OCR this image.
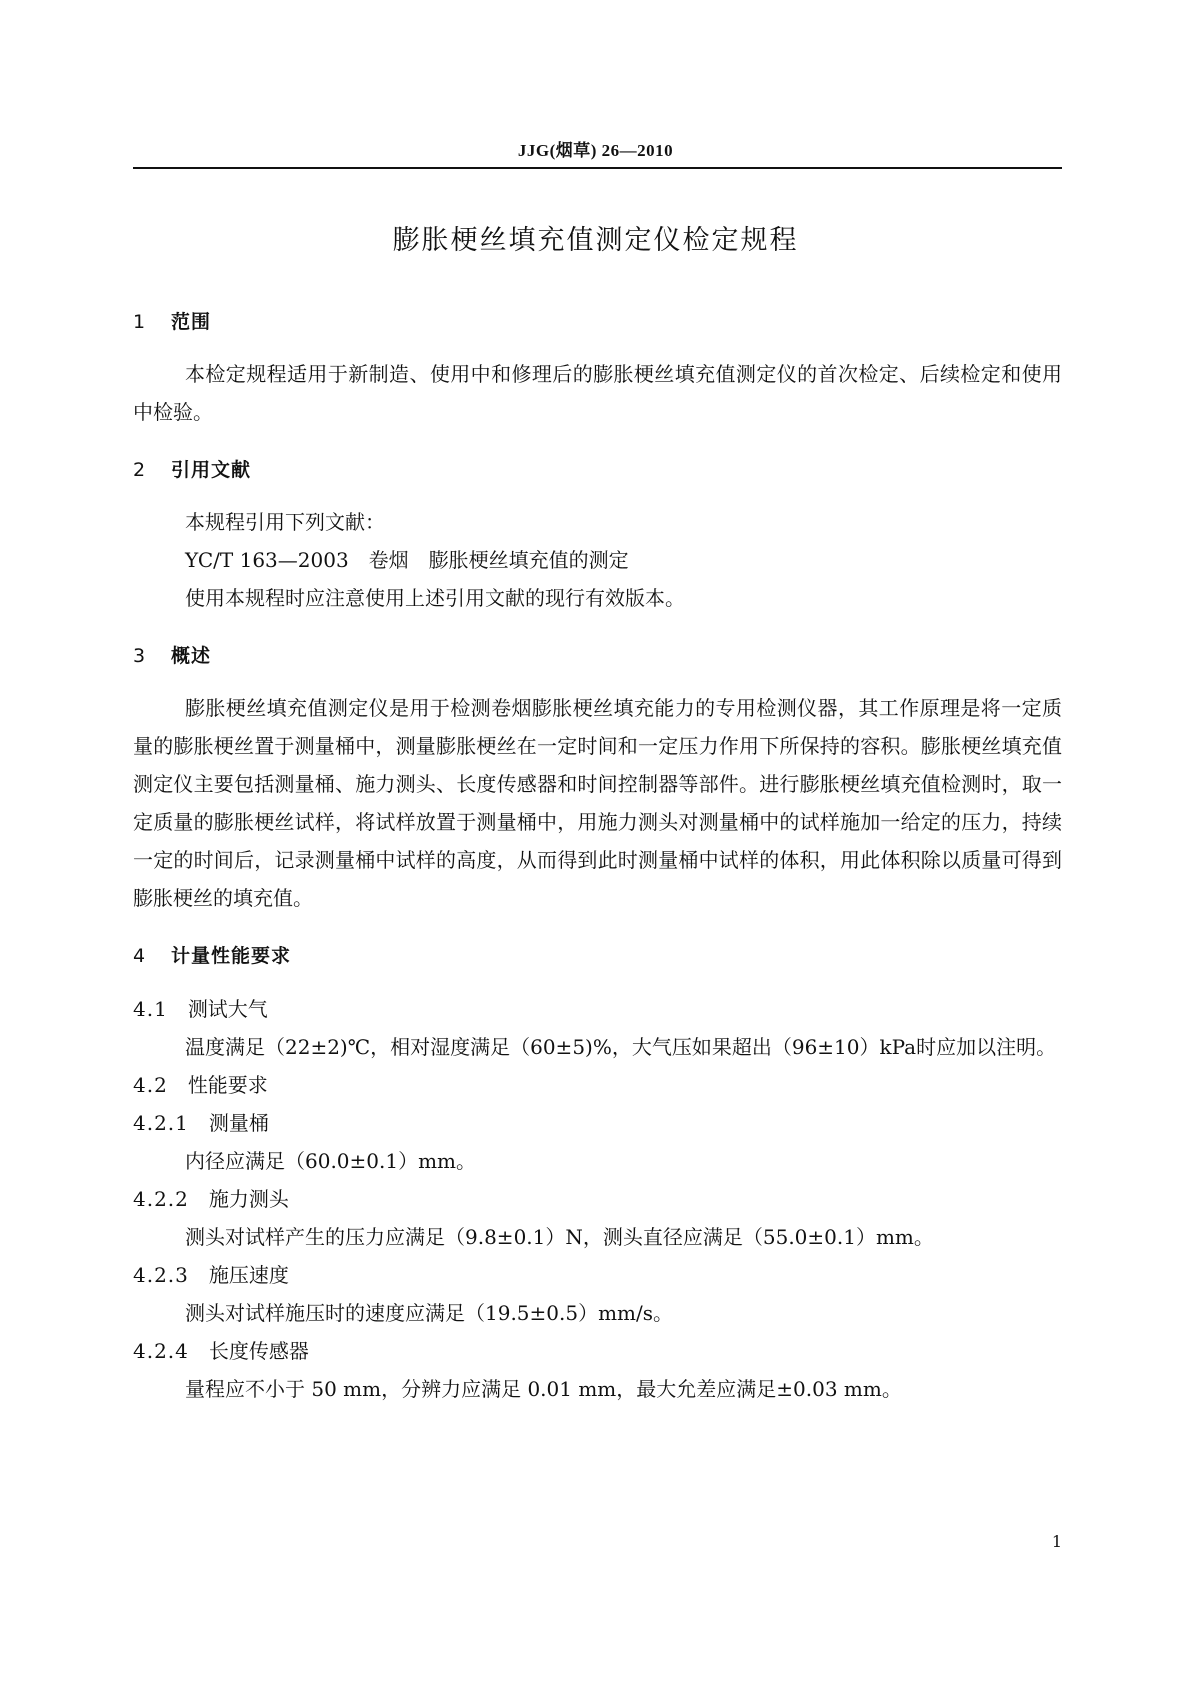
JJG(烟草) 26—2010
膨胀梗丝填充值测定仪检定规程
1 范围
本检定规程适用于新制造、使用中和修理后的膨胀梗丝填充值测定仪的首次检定、后续检定和使用中检验。
2 引用文献
本规程引用下列文献：
YC/T 163—2003　卷烟　膨胀梗丝填充值的测定
使用本规程时应注意使用上述引用文献的现行有效版本。
3 概述
膨胀梗丝填充值测定仪是用于检测卷烟膨胀梗丝填充能力的专用检测仪器，其工作原理是将一定质量的膨胀梗丝置于测量桶中，测量膨胀梗丝在一定时间和一定压力作用下所保持的容积。膨胀梗丝填充值测定仪主要包括测量桶、施力测头、长度传感器和时间控制器等部件。进行膨胀梗丝填充值检测时，取一定质量的膨胀梗丝试样，将试样放置于测量桶中，用施力测头对测量桶中的试样施加一给定的压力，持续一定的时间后，记录测量桶中试样的高度，从而得到此时测量桶中试样的体积，用此体积除以质量可得到膨胀梗丝的填充值。
4 计量性能要求
4.1 测试大气
温度满足（22±2)℃，相对湿度满足（60±5)%，大气压如果超出（96±10）kPa时应加以注明。
4.2 性能要求
4.2.1 测量桶
内径应满足（60.0±0.1）mm。
4.2.2 施力测头
测头对试样产生的压力应满足（9.8±0.1）N，测头直径应满足（55.0±0.1）mm。
4.2.3 施压速度
测头对试样施压时的速度应满足（19.5±0.5）mm/s。
4.2.4 长度传感器
量程应不小于 50 mm，分辨力应满足 0.01 mm，最大允差应满足±0.03 mm。
1
